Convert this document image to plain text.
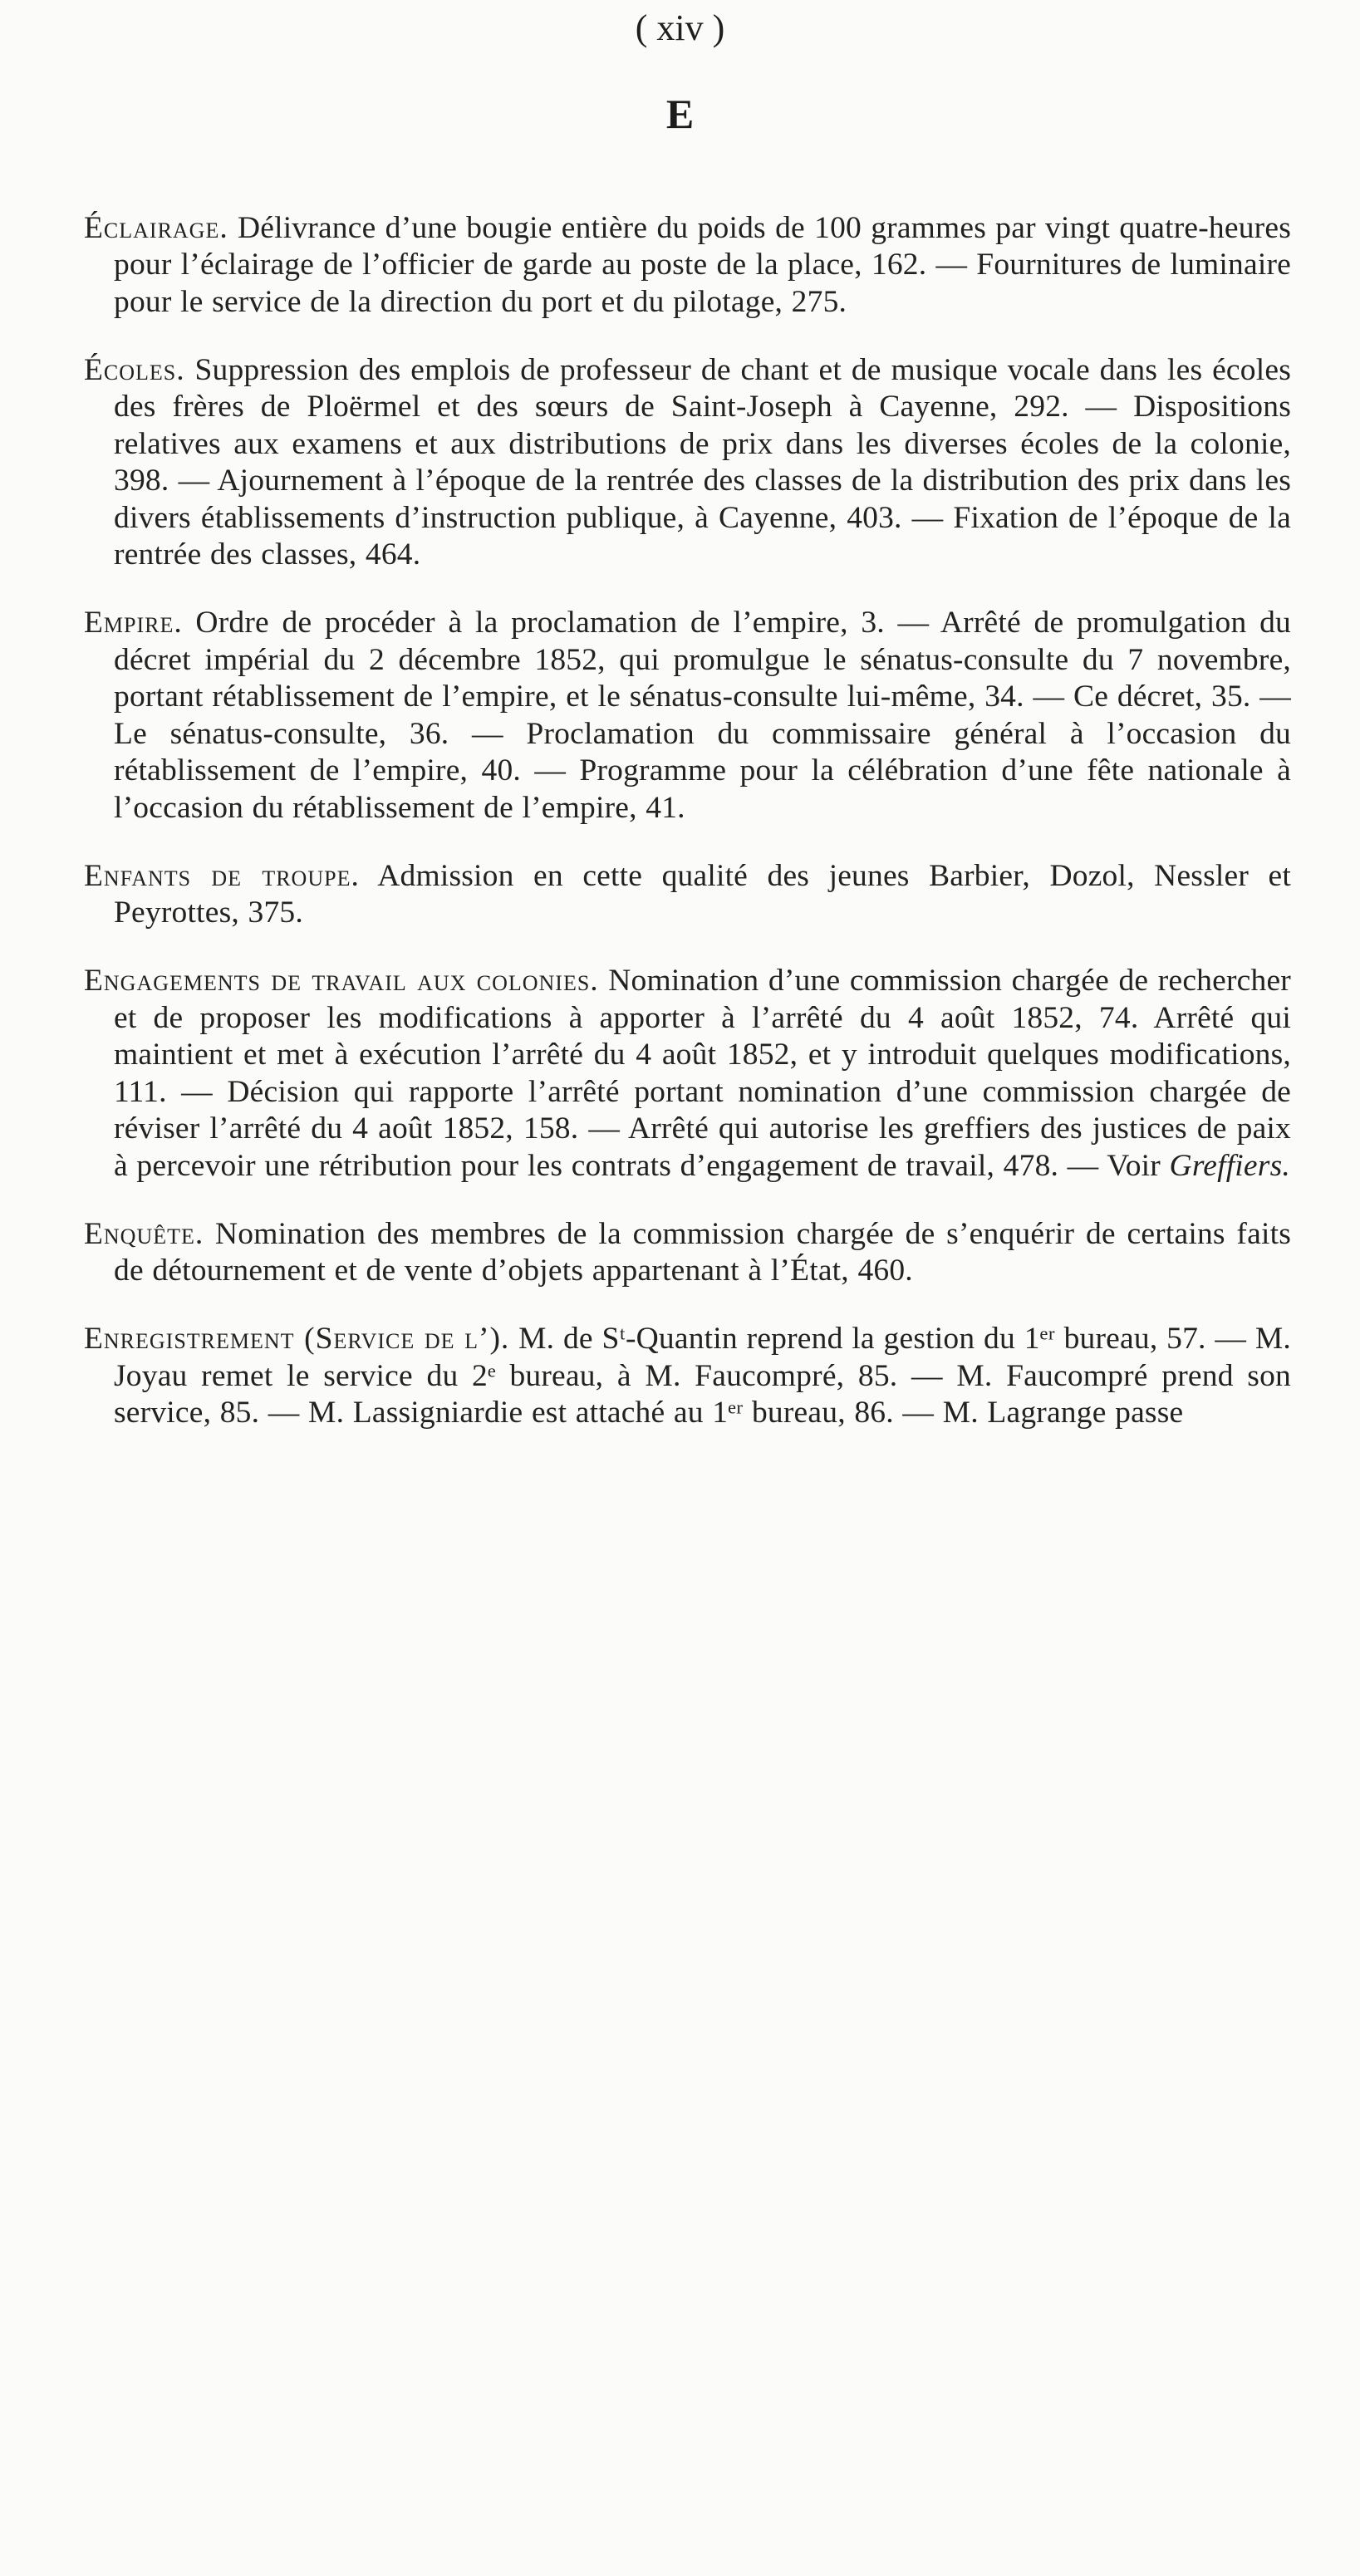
( xiv )
E

Éclairage. Délivrance d’une bougie entière du poids de 100 grammes par vingt quatre-heures pour l’éclairage de l’officier de garde au poste de la place, 162. — Fournitures de luminaire pour le service de la direction du port et du pilotage, 275.

Écoles. Suppression des emplois de professeur de chant et de musique vocale dans les écoles des frères de Ploërmel et des sœurs de Saint-Joseph à Cayenne, 292. — Dispositions relatives aux examens et aux distributions de prix dans les diverses écoles de la colonie, 398. — Ajournement à l’époque de la rentrée des classes de la distribution des prix dans les divers établissements d’instruction publique, à Cayenne, 403. — Fixation de l’époque de la rentrée des classes, 464.

Empire. Ordre de procéder à la proclamation de l’empire, 3. — Arrêté de promulgation du décret impérial du 2 décembre 1852, qui promulgue le sénatus-consulte du 7 novembre, portant rétablissement de l’empire, et le sénatus-consulte lui-même, 34. — Ce décret, 35. — Le sénatus-consulte, 36. — Proclamation du commissaire général à l’occasion du rétablissement de l’empire, 40. — Programme pour la célébration d’une fête nationale à l’occasion du rétablissement de l’empire, 41.

Enfants de troupe. Admission en cette qualité des jeunes Barbier, Dozol, Nessler et Peyrottes, 375.

Engagements de travail aux colonies. Nomination d’une commission chargée de rechercher et de proposer les modifications à apporter à l’arrêté du 4 août 1852, 74. Arrêté qui maintient et met à exécution l’arrêté du 4 août 1852, et y introduit quelques modifications, 111. — Décision qui rapporte l’arrêté portant nomination d’une commission chargée de réviser l’arrêté du 4 août 1852, 158. — Arrêté qui autorise les greffiers des justices de paix à percevoir une rétribution pour les contrats d’engagement de travail, 478. — Voir Greffiers.

Enquête. Nomination des membres de la commission chargée de s’enquérir de certains faits de détournement et de vente d’objets appartenant à l’État, 460.

Enregistrement (Service de l’). M. de Sᵗ-Quantin reprend la gestion du 1ᵉʳ bureau, 57. — M. Joyau remet le service du 2ᵉ bureau, à M. Faucompré, 85. — M. Faucompré prend son service, 85. — M. Lassigniardie est attaché au 1ᵉʳ bureau, 86. — M. Lagrange passe
